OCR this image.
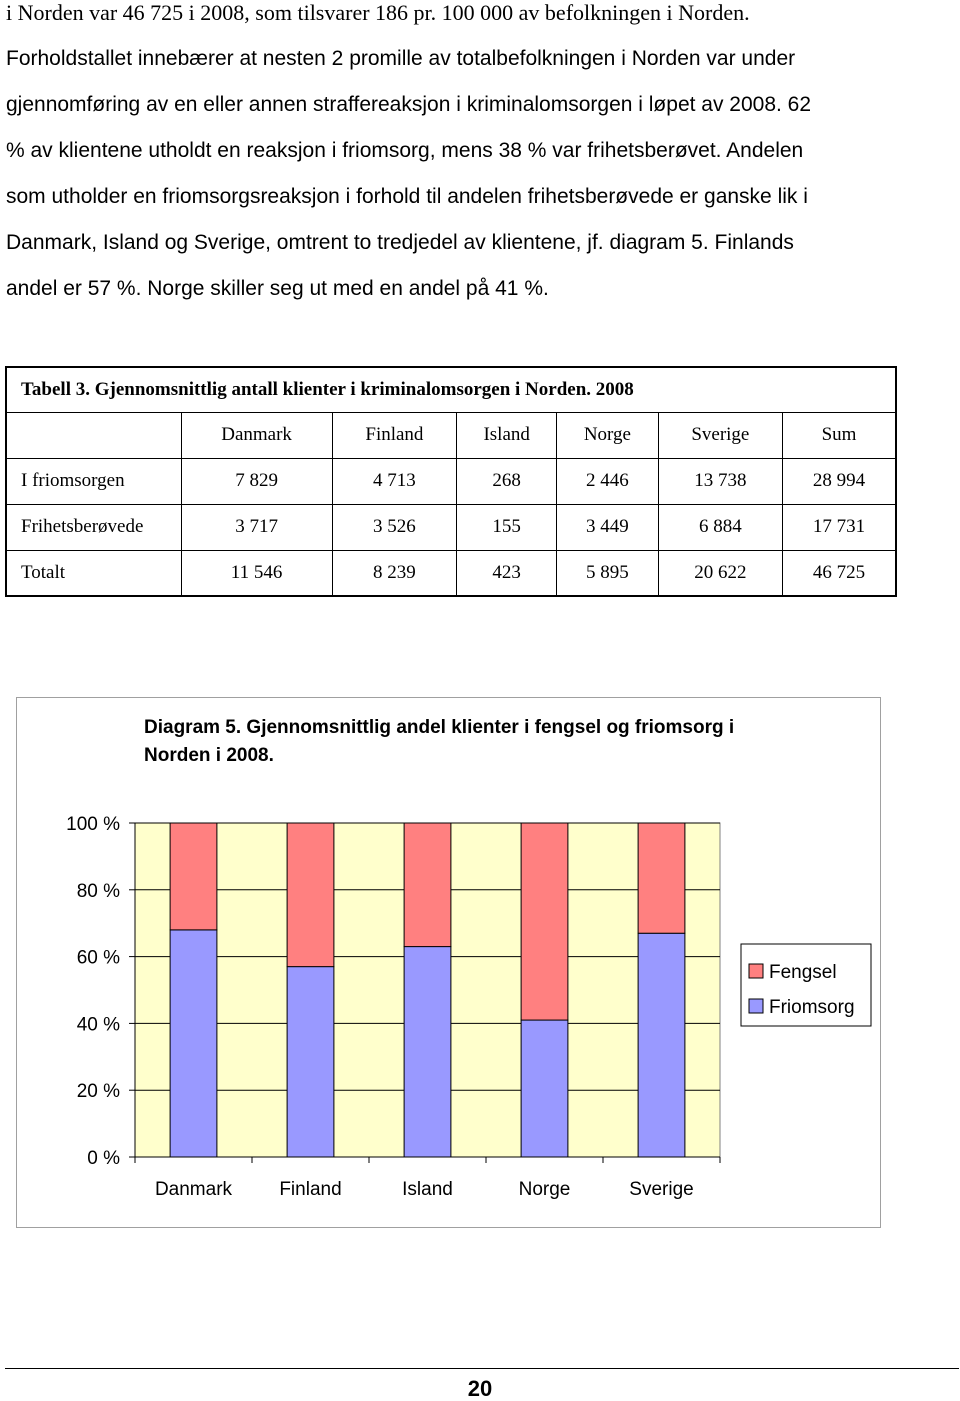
i Norden var 46 725 i 2008, som tilsvarer 186 pr. 100 000 av befolkningen i Norden.
Forholdstallet innebærer at nesten 2 promille av totalbefolkningen i Norden var under
gjennomføring av en eller annen straffereaksjon i kriminalomsorgen i løpet av 2008. 62
% av klientene utholdt en reaksjon i friomsorg, mens 38 % var frihetsberøvet. Andelen
som utholder en friomsorgsreaksjon i forhold til andelen frihetsberøvede er ganske lik i
Danmark, Island og Sverige, omtrent to tredjedel av klientene, jf. diagram 5. Finlands
andel er 57 %. Norge skiller seg ut med en andel på 41 %.
Tabell 3. Gjennomsnittlig antall klienter i kriminalomsorgen i Norden. 2008						
	Danmark	Finland	Island	Norge	Sverige	Sum
I friomsorgen	7 829	4 713	268	2 446	13 738	28 994
Frihetsberøvede	3 717	3 526	155	3 449	6 884	17 731
Totalt	11 546	8 239	423	5 895	20 622	46 725
Diagram 5. Gjennomsnittlig andel klienter i fengsel og friomsorg i Norden i 2008.
0 %
20 %
40 %
60 %
80 %
100 %
Danmark Finland	Island	Norge	Sverige
Fengsel
Friomsorg
20
